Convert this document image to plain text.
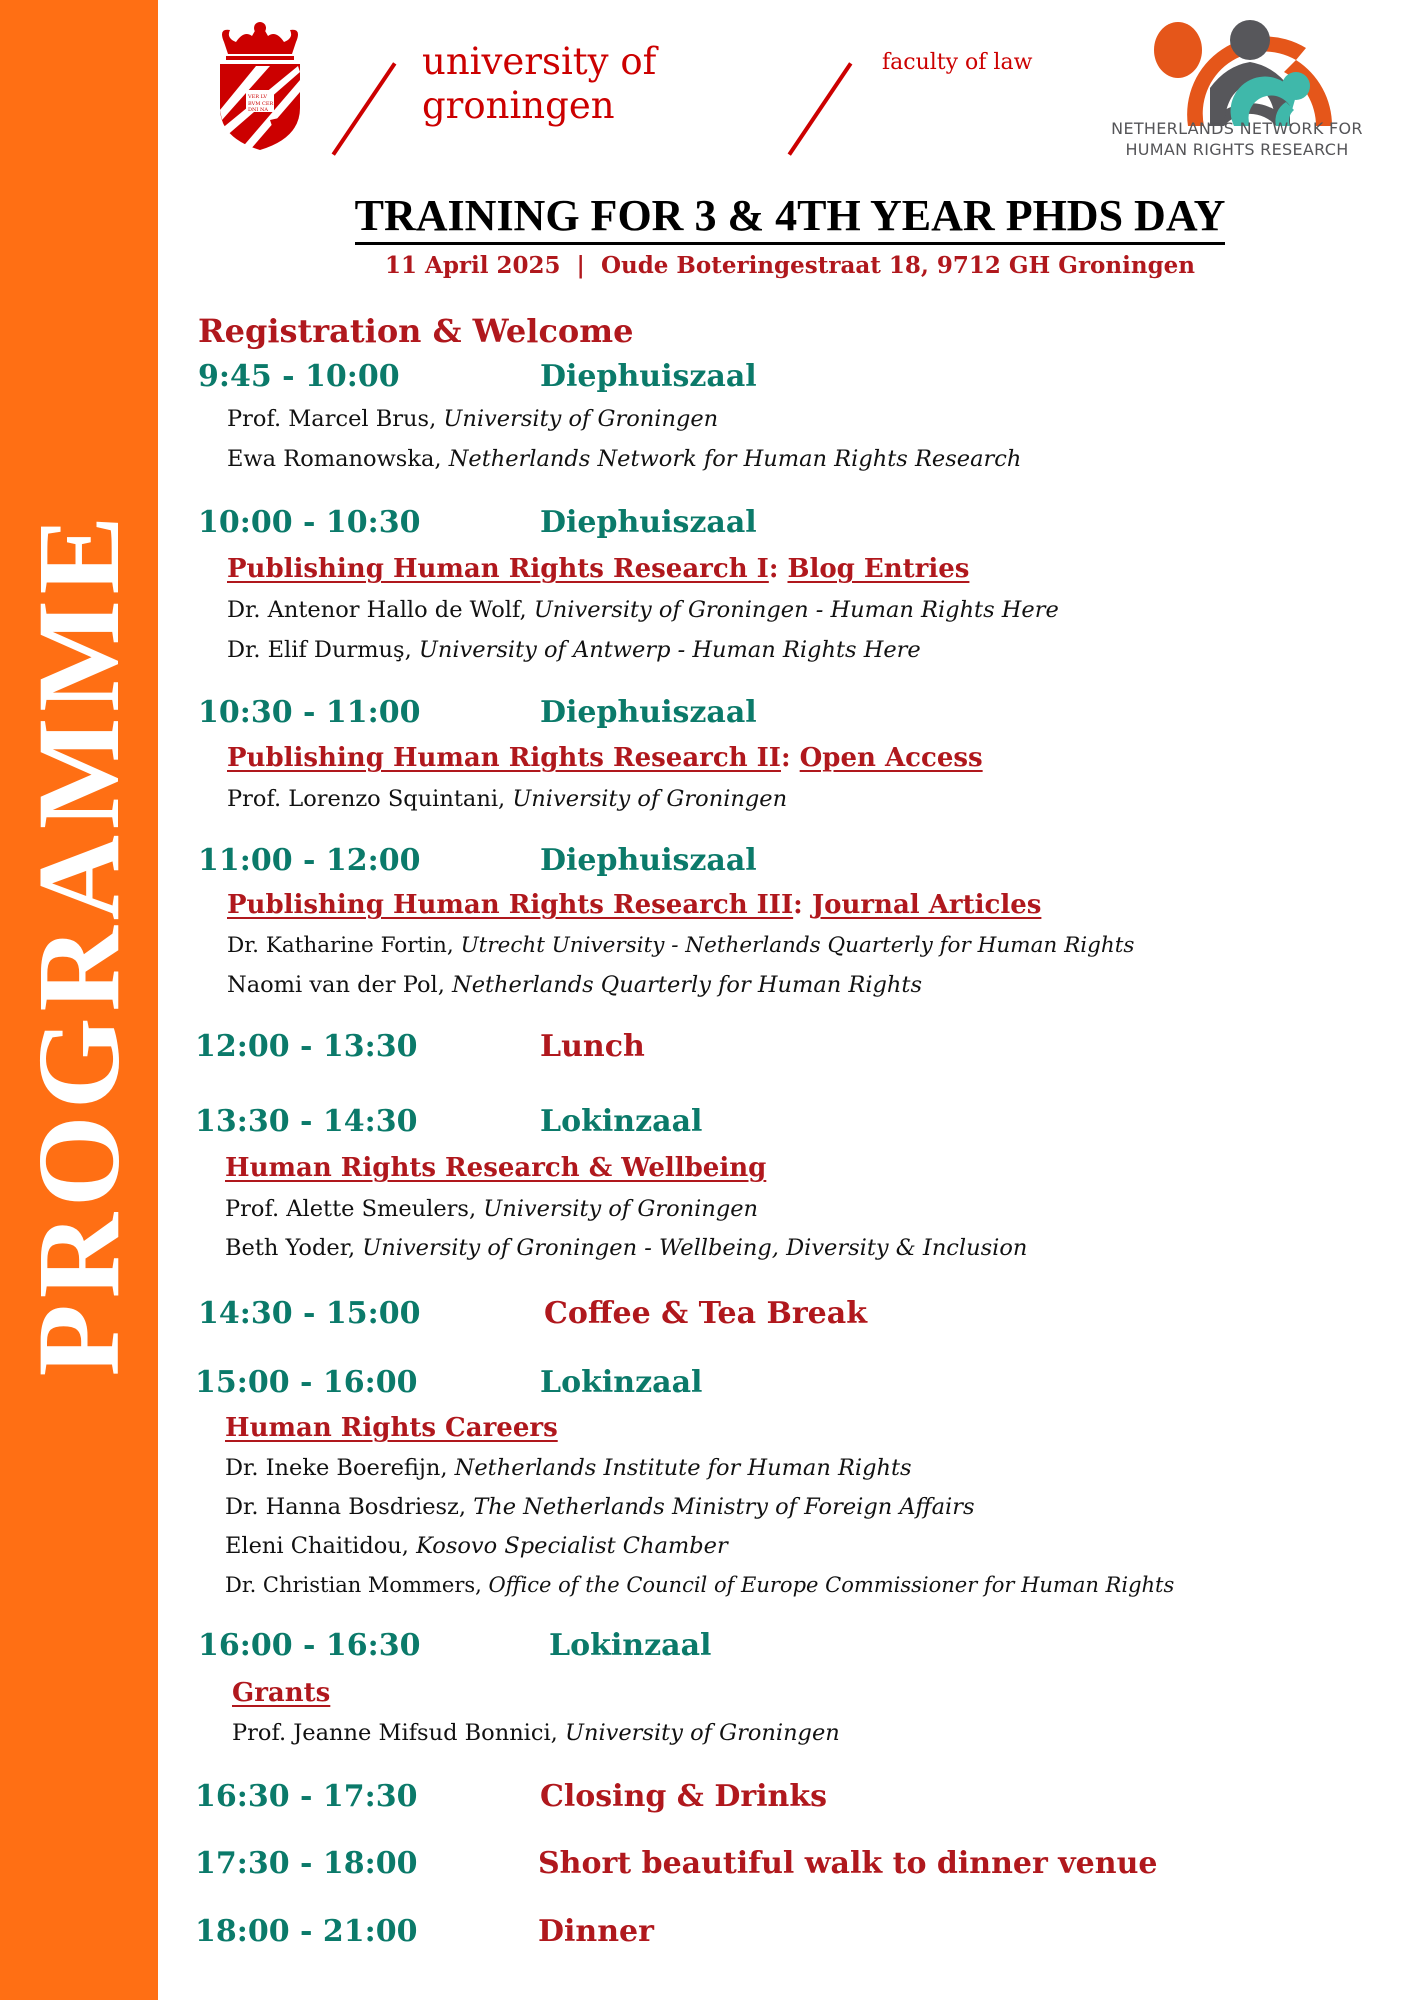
PROGRAMME
VER LV
BVM CER
DNI NA
university of
groningen
faculty of law
NETHERLANDS NETWORK FOR
HUMAN RIGHTS RESEARCH
TRAINING FOR 3 & 4TH YEAR PHDS DAY
11 April 2025 | Oude Boteringestraat 18, 9712 GH Groningen
Registration & Welcome
9:45 - 10:00	Diephuiszaal
Prof. Marcel Brus, University of Groningen
Ewa Romanowska, Netherlands Network for Human Rights Research
10:00 - 10:30	Diephuiszaal
Publishing Human Rights Research I: Blog Entries
Dr. Antenor Hallo de Wolf, University of Groningen - Human Rights Here
Dr. Elif Durmuş, University of Antwerp - Human Rights Here
10:30 - 11:00	Diephuiszaal
Publishing Human Rights Research II: Open Access
Prof. Lorenzo Squintani, University of Groningen
11:00 - 12:00	Diephuiszaal
Publishing Human Rights Research III: Journal Articles
Dr. Katharine Fortin, Utrecht University - Netherlands Quarterly for Human Rights
Naomi van der Pol, Netherlands Quarterly for Human Rights
12:00 - 13:30	Lunch
13:30 - 14:30	Lokinzaal
Human Rights Research & Wellbeing
Prof. Alette Smeulers, University of Groningen
Beth Yoder, University of Groningen - Wellbeing, Diversity & Inclusion
14:30 - 15:00	Coffee & Tea Break
15:00 - 16:00	Lokinzaal
Human Rights Careers
Dr. Ineke Boerefijn, Netherlands Institute for Human Rights
Dr. Hanna Bosdriesz, The Netherlands Ministry of Foreign Affairs
Eleni Chaitidou, Kosovo Specialist Chamber
Dr. Christian Mommers, Office of the Council of Europe Commissioner for Human Rights
16:00 - 16:30	Lokinzaal
Grants
Prof. Jeanne Mifsud Bonnici, University of Groningen
16:30 - 17:30	Closing & Drinks
17:30 - 18:00	Short beautiful walk to dinner venue
18:00 - 21:00	Dinner
